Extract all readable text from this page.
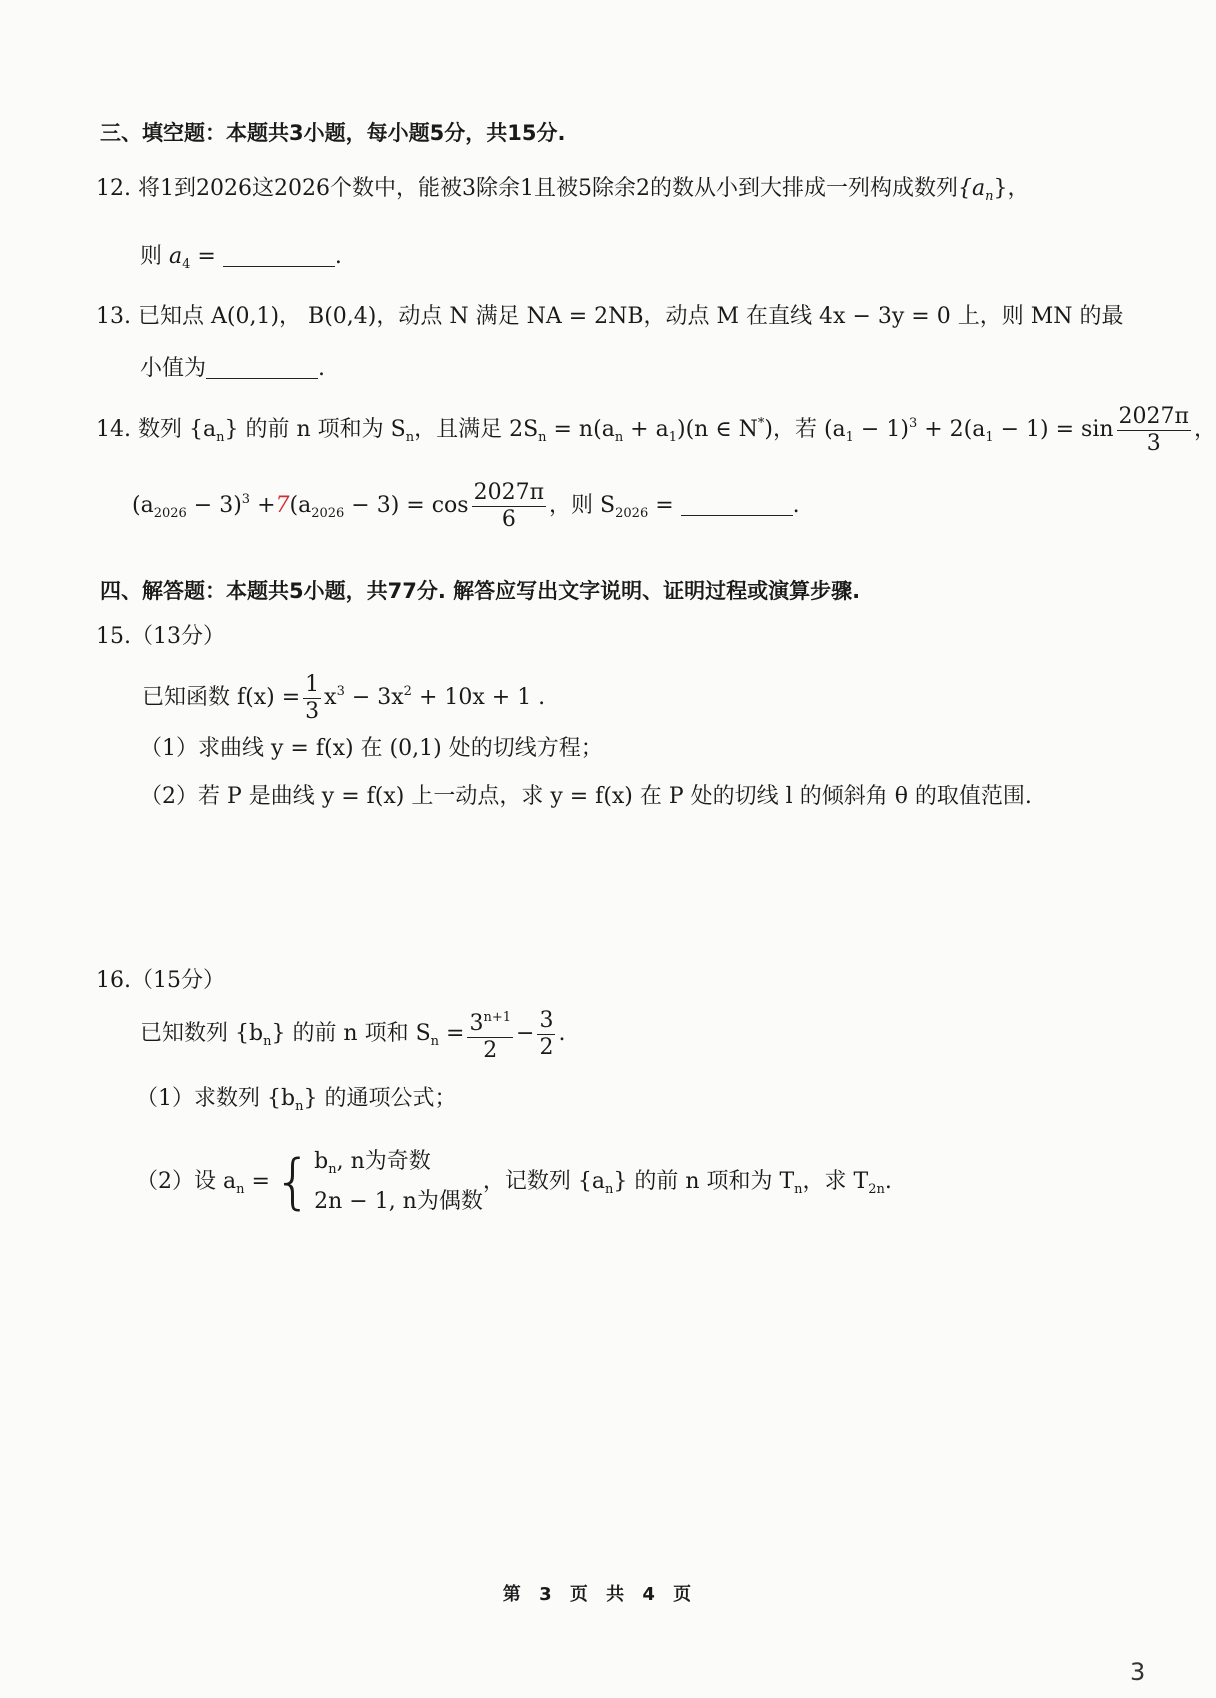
三、填空题：本题共3小题，每小题5分，共15分.
12. 将1到2026这2026个数中，能被3除余1且被5除余2的数从小到大排成一列构成数列$\{a_n\}$，
则 $a_4$ =	.
13. 已知点 A(0,1)， B(0,4)，动点 N 满足 NA = 2NB，动点 M 在直线 4x − 3y = 0 上，则 MN 的最
小值为	.
14. 数列 $\{a_n\}$ 的前 n 项和为 $S_n$，且满足 $2S_n = n(a_n + a_1)(n$ ∈ N*)，若 $(a_1 - 1)^3 + 2(a_1 - 1) = \sin \frac{2027\pi}{3}$ ，
$(a_{2026} - 3)^3 +7(a_{2026} - 3) = \cos \frac{2027\pi}{6}$ ，则 $S_{2026}$ =	.
四、解答题：本题共5小题，共77分. 解答应写出文字说明、证明过程或演算步骤.
15.（13分）
已知函数 $f(x) = \frac{1}{3} x^3 - 3x^2 + 10x + 1$ .
（1）求曲线 y = f(x) 在 (0,1) 处的切线方程；
（2）若 P 是曲线 y = f(x) 上一动点，求 y = f(x) 在 P 处的切线 l 的倾斜角 θ 的取值范围.
16.（15分）
已知数列 $\{b_n\}$ 的前 n 项和 $S_n = \frac{3^{n+1}}{2} - \frac{3}{2}$ .
（1）求数列 $\{b_n\}$ 的通项公式；
（2）设 $a_n$ ={ $b_n$, n为奇数
2n − 1, n为偶数
，记数列 $\{a_n\}$ 的前 n 项和为 $T_n$，求 $T_{2n}$.
第 3 页 共 4 页
3
